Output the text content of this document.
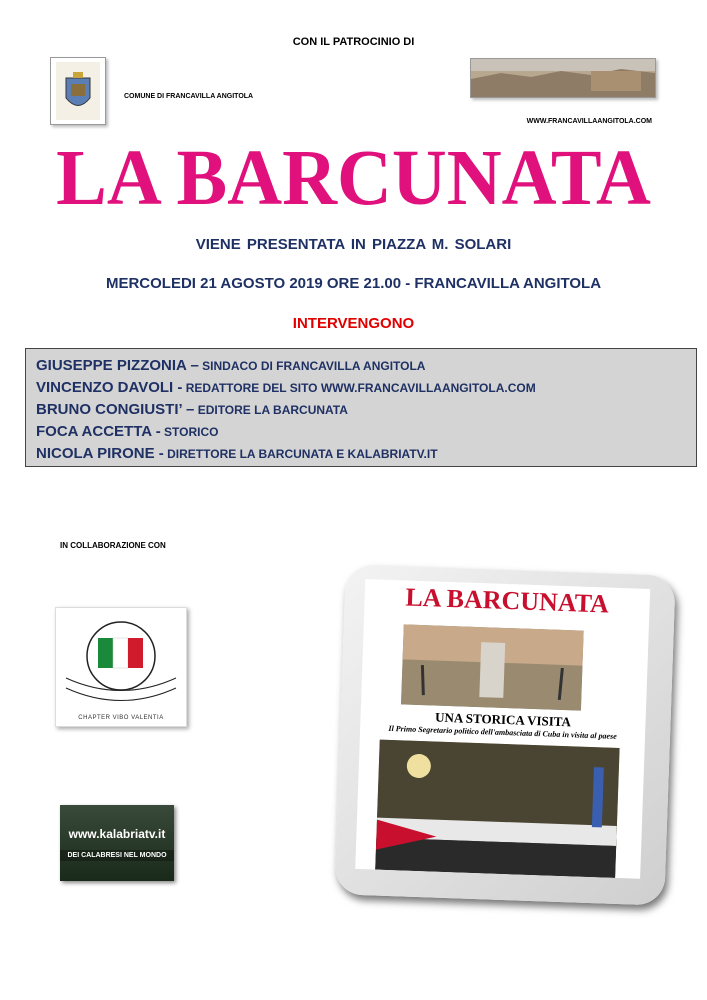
CON IL PATROCINIO DI
COMUNE DI FRANCAVILLA ANGITOLA
WWW.FRANCAVILLAANGITOLA.COM
LA BARCUNATA
VIENE PRESENTATA IN PIAZZA M. SOLARI
MERCOLEDI 21 AGOSTO 2019 ORE 21.00 - FRANCAVILLA ANGITOLA
INTERVENGONO
GIUSEPPE PIZZONIA – SINDACO DI FRANCAVILLA ANGITOLA
VINCENZO DAVOLI - REDATTORE DEL SITO WWW.FRANCAVILLAANGITOLA.COM
BRUNO CONGIUSTI’ – EDITORE LA BARCUNATA
FOCA ACCETTA - STORICO
NICOLA PIRONE - DIRETTORE LA BARCUNATA E KALABRIATV.IT
IN COLLABORAZIONE CON
CHAPTER VIBO VALENTIA
www.kalabriatv.it
DEI CALABRESI NEL MONDO
LA BARCUNATA
UNA STORICA VISITA
Il Primo Segretario politico dell'ambasciata di Cuba in visita al paese
